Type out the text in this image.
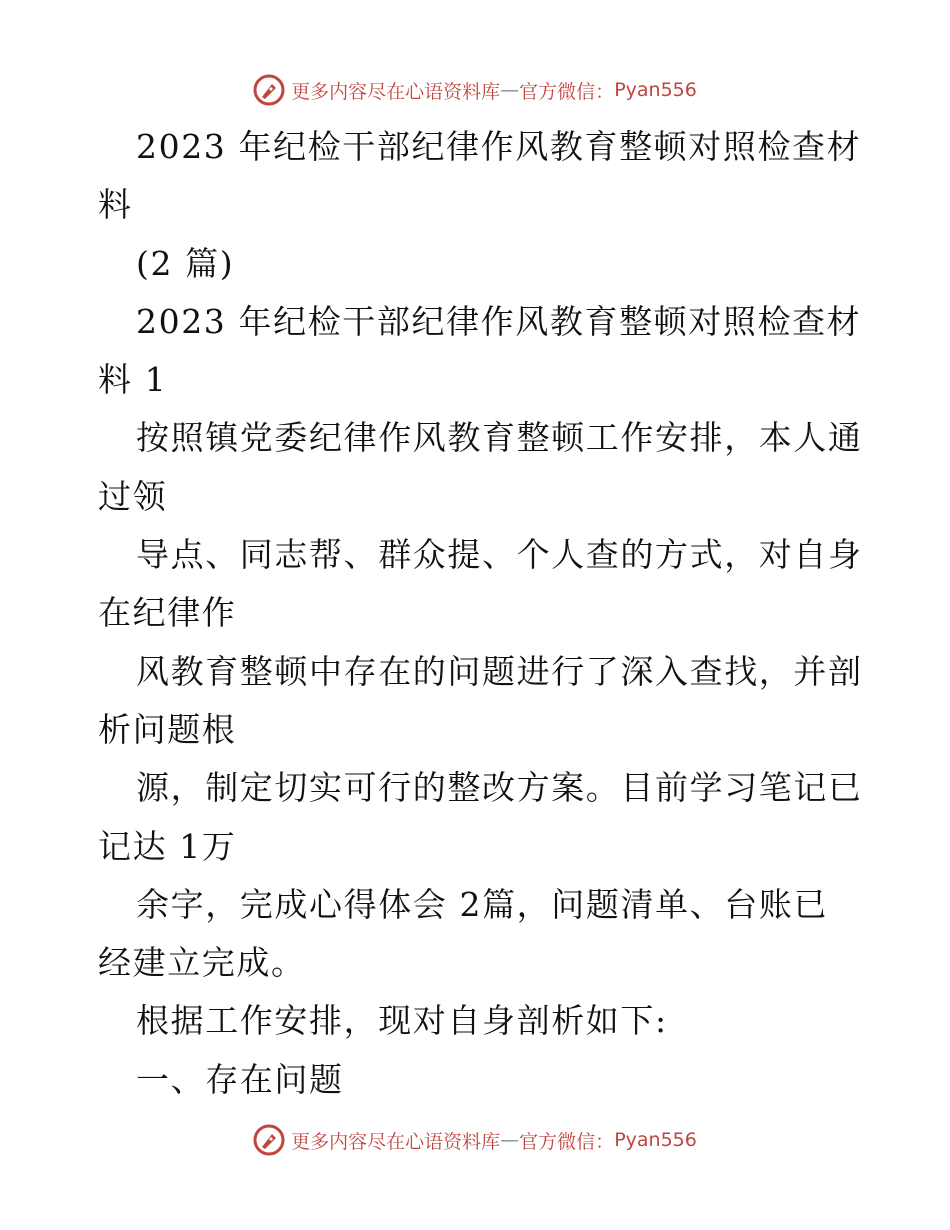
更多内容尽在心语资料库 — 官方微信： Pyan556
2023 年纪检干部纪律作风教育整顿对照检查材
料
(2 篇)
2023 年纪检干部纪律作风教育整顿对照检查材
料 1
按照镇党委纪律作风教育整顿工作安排，本人通
过领
导点、同志帮、群众提、个人查的方式，对自身
在纪律作
风教育整顿中存在的问题进行了深入查找，并剖
析问题根
源，制定切实可行的整改方案。目前学习笔记已
记达 1万
余字，完成心得体会 2篇，问题清单、台账已
经建立完成。
根据工作安排，现对自身剖析如下:
一、存在问题
更多内容尽在心语资料库 — 官方微信： Pyan556
